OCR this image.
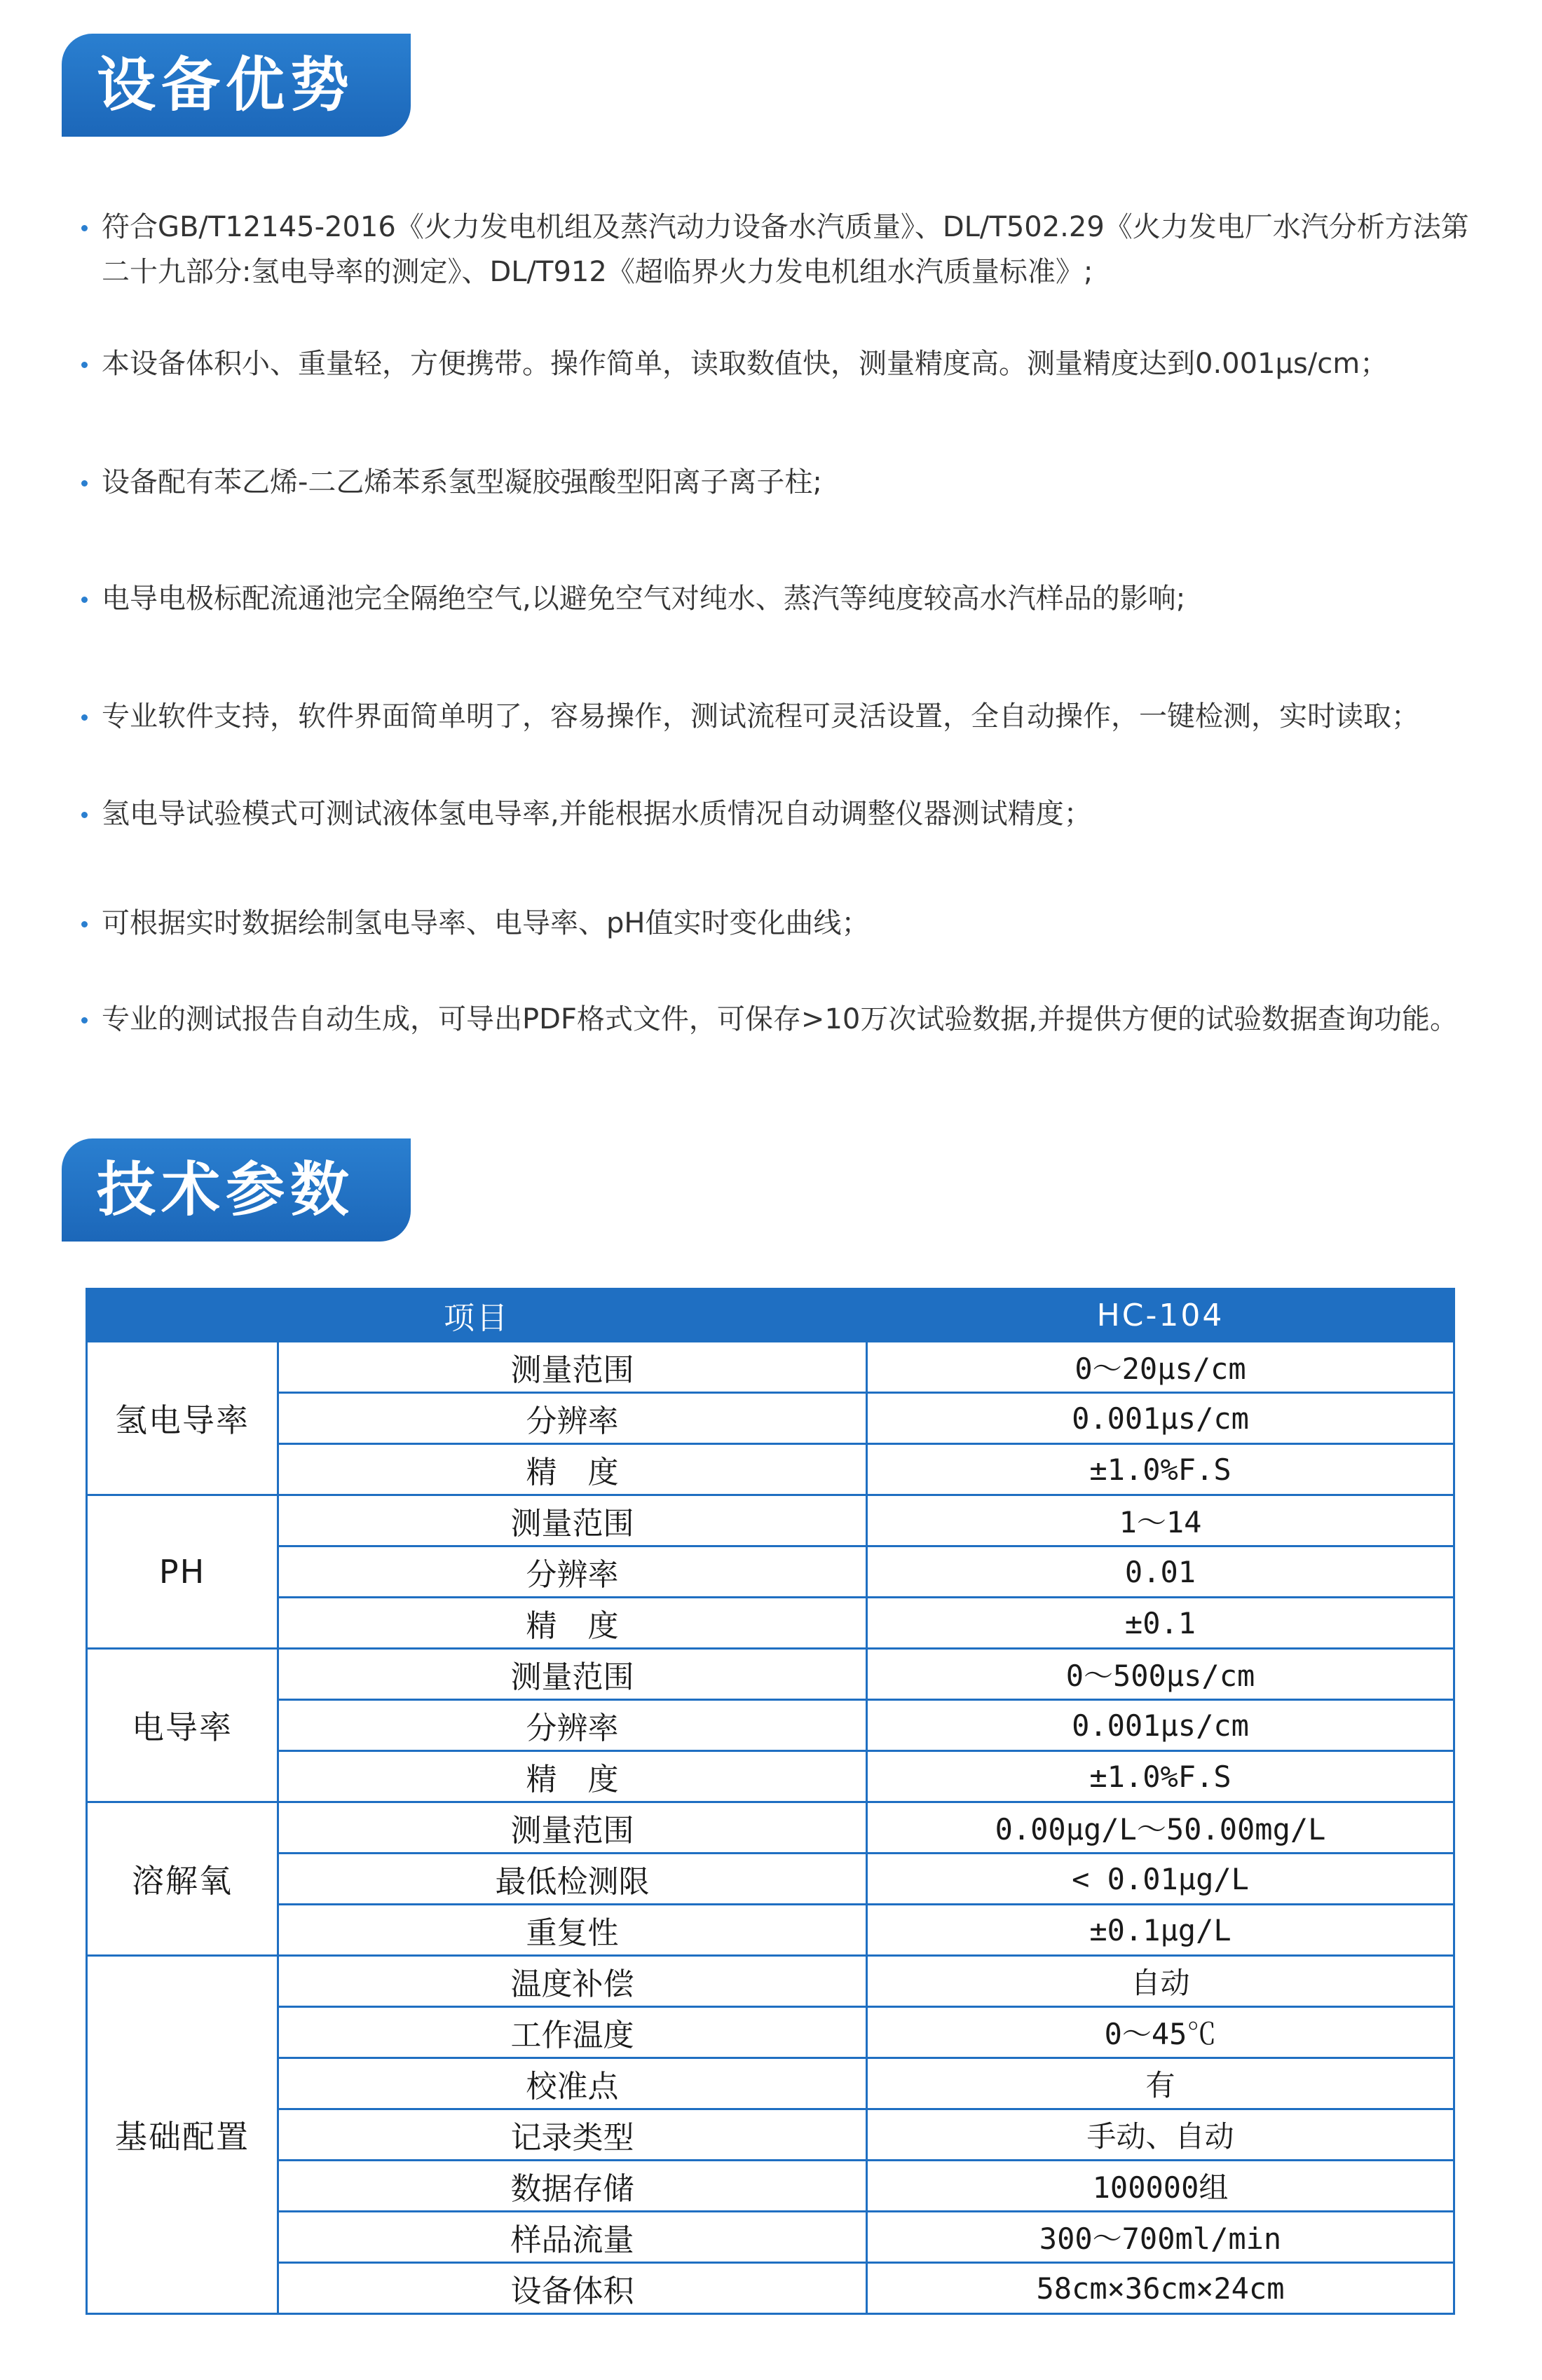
设备优势
符合GB/T12145-2016《火力发电机组及蒸汽动力设备水汽质量》、DL/T502.29《火力发电厂水汽分析方法第二十九部分:氢电导率的测定》、DL/T912《超临界火力发电机组水汽质量标准》;
本设备体积小、重量轻，方便携带。操作简单，读取数值快，测量精度高。测量精度达到0.001μs/cm；
设备配有苯乙烯-二乙烯苯系氢型凝胶强酸型阳离子离子柱;
电导电极标配流通池完全隔绝空气,以避免空气对纯水、蒸汽等纯度较高水汽样品的影响;
专业软件支持，软件界面简单明了，容易操作，测试流程可灵活设置，全自动操作，一键检测，实时读取；
氢电导试验模式可测试液体氢电导率,并能根据水质情况自动调整仪器测试精度；
可根据实时数据绘制氢电导率、电导率、pH值实时变化曲线；
专业的测试报告自动生成，可导出PDF格式文件，可保存>10万次试验数据,并提供方便的试验数据查询功能。
技术参数
项目		HC-104
氢电导率	测量范围	0～20μs/cm
	分辨率	0.001μs/cm
	精　度	±1.0%F.S
PH	测量范围	1～14
	分辨率	0.01
	精　度	±0.1
电导率	测量范围	0～500μs/cm
	分辨率	0.001μs/cm
	精　度	±1.0%F.S
溶解氧	测量范围	0.00μg/L～50.00mg/L
	最低检测限	< 0.01μg/L
	重复性	±0.1μg/L
基础配置	温度补偿	自动
	工作温度	0～45℃
	校准点	有
	记录类型	手动、自动
	数据存储	100000组
	样品流量	300～700ml/min
	设备体积	58cm×36cm×24cm
